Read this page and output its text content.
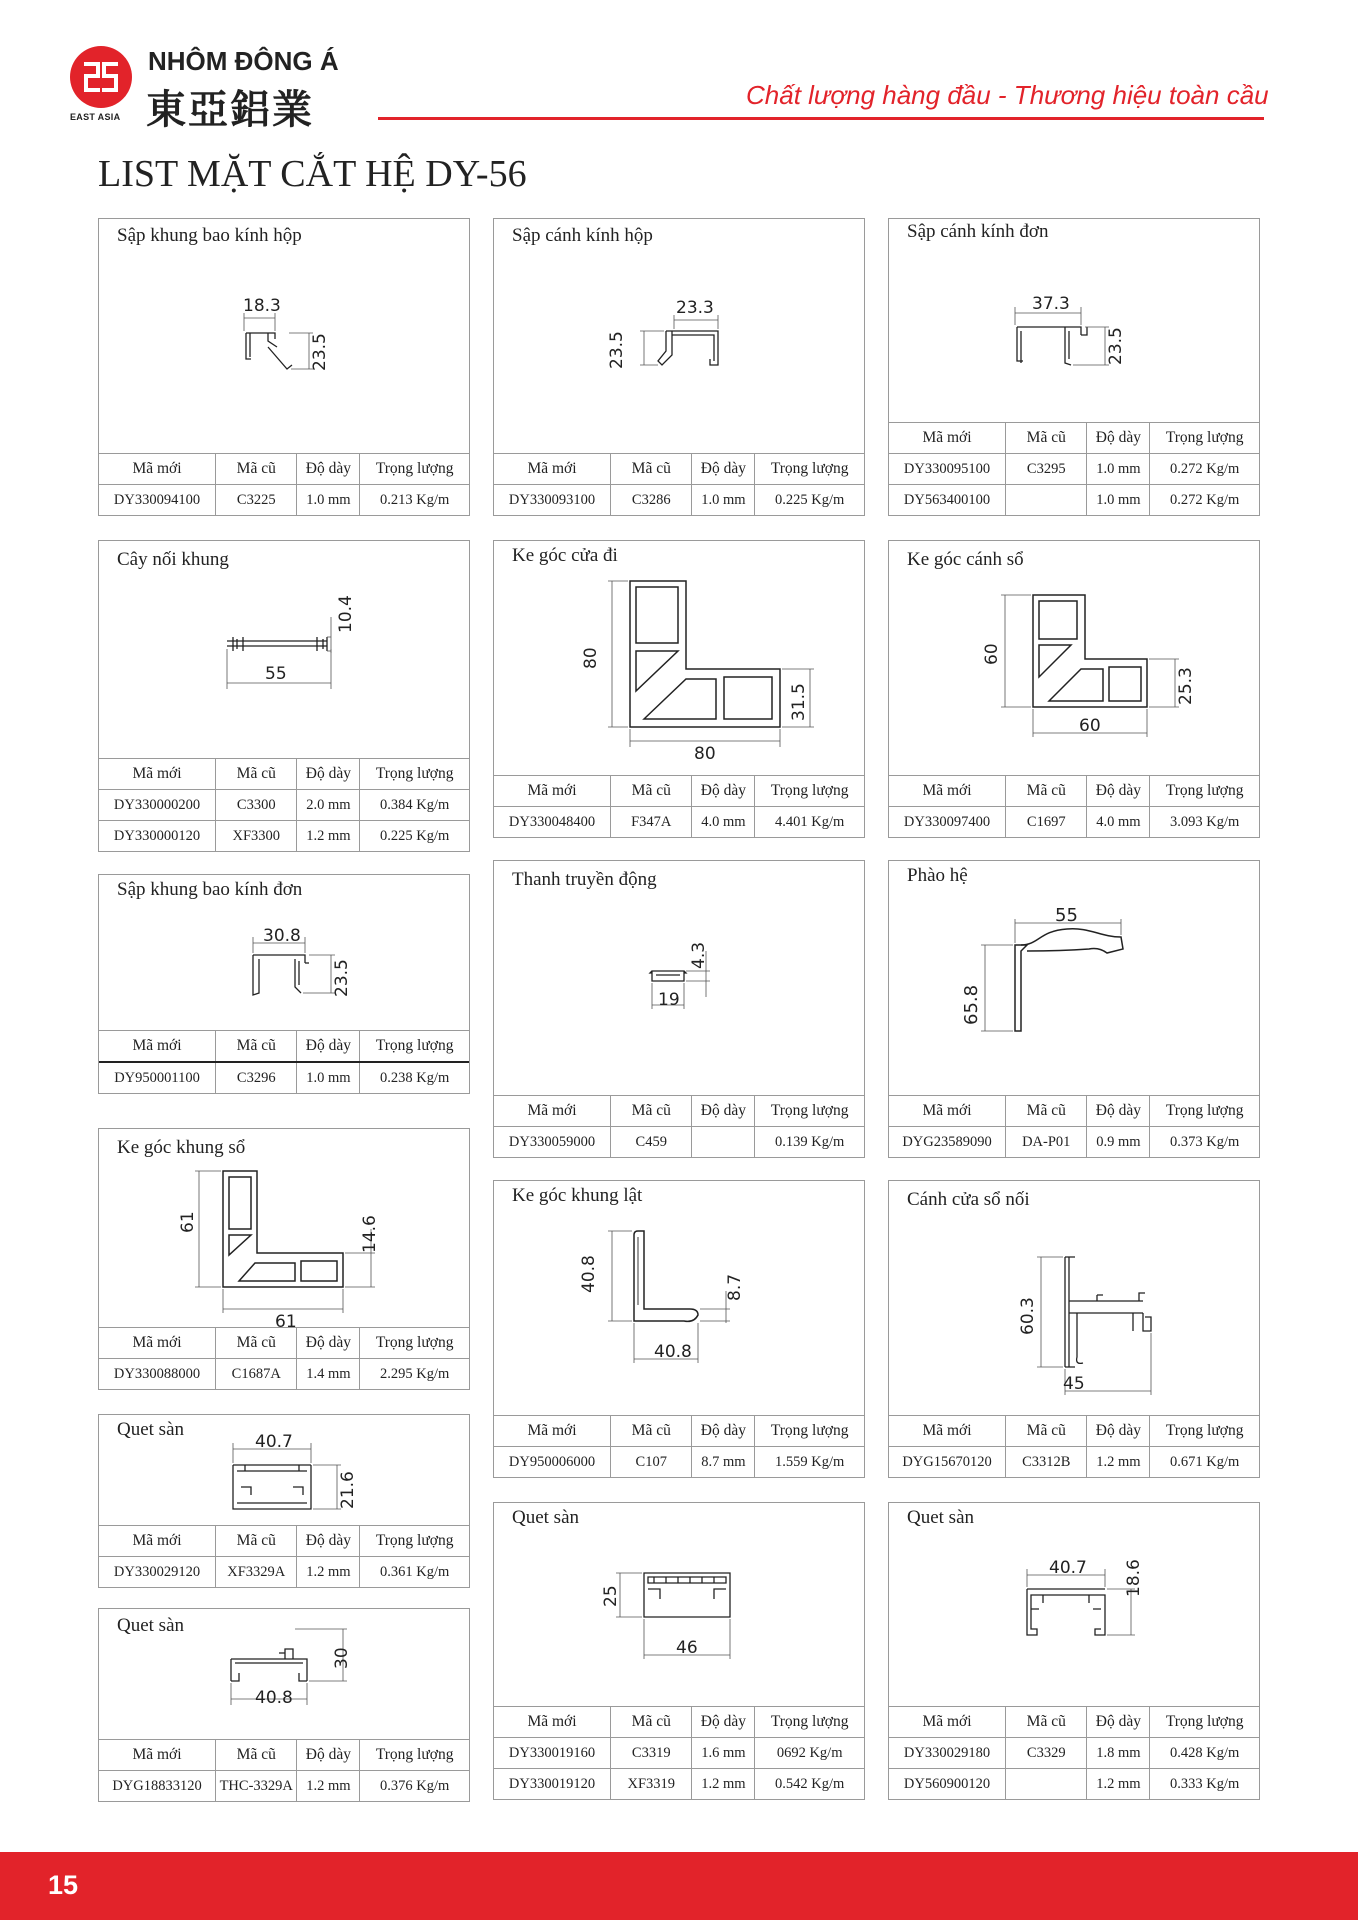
EAST ASIA
NHÔM ĐÔNG Á
東亞鋁業	Chất lượng hàng đầu - Thương hiệu toàn cầu
LIST MẶT CẮT HỆ DY-56
Sập khung bao kính hộp
18.3
23.5
Mã mới	Mã cũ	Độ dày	Trọng lượng
DY330094100	C3225	1.0 mm	0.213 Kg/m
Sập cánh kính hộp
23.3
23.5
Mã mới	Mã cũ	Độ dày	Trọng lượng
DY330093100	C3286	1.0 mm	0.225 Kg/m
Sập cánh kính đơn
37.3
23.5
Mã mới	Mã cũ	Độ dày	Trọng lượng
DY330095100	C3295	1.0 mm	0.272 Kg/m
DY563400100		1.0 mm	0.272 Kg/m
Cây nối khung
10.4
55
Mã mới	Mã cũ	Độ dày	Trọng lượng
DY330000200	C3300	2.0 mm	0.384 Kg/m
DY330000120	XF3300	1.2 mm	0.225 Kg/m
Ke góc cửa đi
80
31.5
80
Mã mới	Mã cũ	Độ dày	Trọng lượng
DY330048400	F347A	4.0 mm	4.401 Kg/m
Ke góc cánh sổ
60
25.3
60
Mã mới	Mã cũ	Độ dày	Trọng lượng
DY330097400	C1697	4.0 mm	3.093 Kg/m
Sập khung bao kính đơn
30.8
23.5
Mã mới	Mã cũ	Độ dày	Trọng lượng
DY950001100	C3296	1.0 mm	0.238 Kg/m
Thanh truyền động
4.3
19
Mã mới	Mã cũ	Độ dày	Trọng lượng
DY330059000	C459		0.139 Kg/m
Phào hệ
55
65.8
Mã mới	Mã cũ	Độ dày	Trọng lượng
DYG23589090	DA-P01	0.9 mm	0.373 Kg/m
Ke góc khung sổ
61	14.6
61
Mã mới	Mã cũ	Độ dày	Trọng lượng
DY330088000	C1687A	1.4 mm	2.295 Kg/m
Ke góc khung lật
40.8	8.7
40.8
Mã mới	Mã cũ	Độ dày	Trọng lượng
DY950006000	C107	8.7 mm	1.559 Kg/m
Cánh cửa sổ nối
60.3
45
Mã mới	Mã cũ	Độ dày	Trọng lượng
DYG15670120	C3312B	1.2 mm	0.671 Kg/m
Quet sàn
40.7
21.6
Mã mới	Mã cũ	Độ dày	Trọng lượng
DY330029120	XF3329A	1.2 mm	0.361 Kg/m
Quet sàn
30
40.8
Mã mới	Mã cũ	Độ dày	Trọng lượng
DYG18833120	THC-3329A	1.2 mm	0.376 Kg/m
Quet sàn
25
46
Mã mới	Mã cũ	Độ dày	Trọng lượng
DY330019160	C3319	1.6 mm	0692 Kg/m
DY330019120	XF3319	1.2 mm	0.542 Kg/m
Quet sàn
40.7 18.6
Mã mới	Mã cũ	Độ dày	Trọng lượng
DY330029180	C3329	1.8 mm	0.428 Kg/m
DY560900120		1.2 mm	0.333 Kg/m
15
